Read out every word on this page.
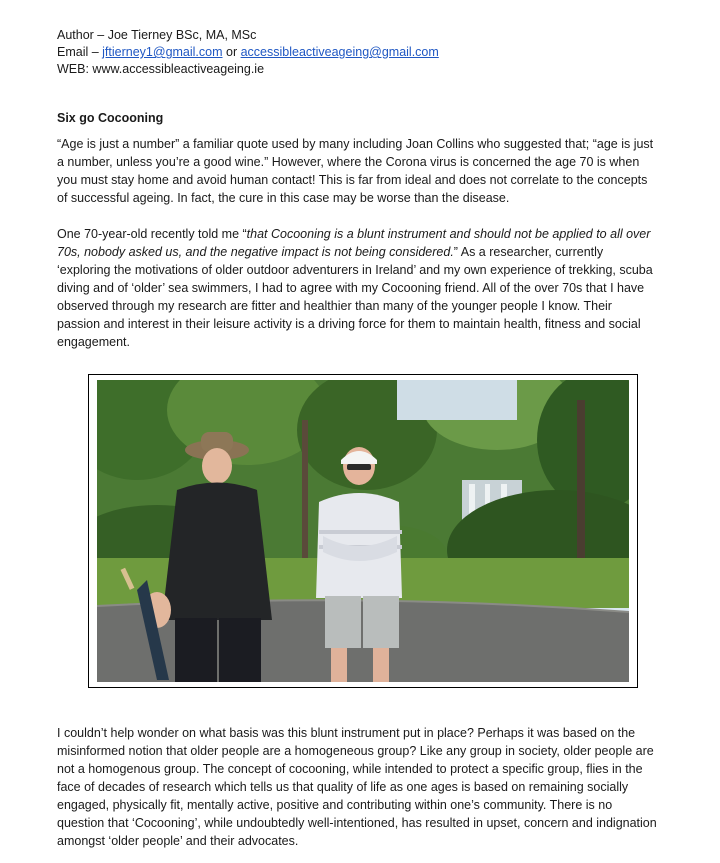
Author – Joe Tierney BSc, MA, MSc
Email – jftierney1@gmail.com or accessibleactiveageing@gmail.com
WEB: www.accessibleactiveageing.ie
Six go Cocooning

“Age is just a number” a familiar quote used by many including Joan Collins who suggested that; “age is just a number, unless you’re a good wine.” However, where the Corona virus is concerned the age 70 is when you must stay home and avoid human contact! This is far from ideal and does not correlate to the concepts of successful ageing. In fact, the cure in this case may be worse than the disease.

One 70-year-old recently told me “that Cocooning is a blunt instrument and should not be applied to all over 70s, nobody asked us, and the negative impact is not being considered.” As a researcher, currently ‘exploring the motivations of older outdoor adventurers in Ireland’ and my own experience of trekking, scuba diving and of ‘older’ sea swimmers, I had to agree with my Cocooning friend. All of the over 70s that I have observed through my research are fitter and healthier than many of the younger people I know. Their passion and interest in their leisure activity is a driving force for them to maintain health, fitness and social engagement.

I couldn’t help wonder on what basis was this blunt instrument put in place? Perhaps it was based on the misinformed notion that older people are a homogeneous group? Like any group in society, older people are not a homogenous group. The concept of cocooning, while intended to protect a specific group, flies in the face of decades of research which tells us that quality of life as one ages is based on remaining socially engaged, physically fit, mentally active, positive and contributing within one’s community. There is no question that ‘Cocooning’, while undoubtedly well-intentioned, has resulted in upset, concern and indignation amongst ‘older people’ and their advocates.
